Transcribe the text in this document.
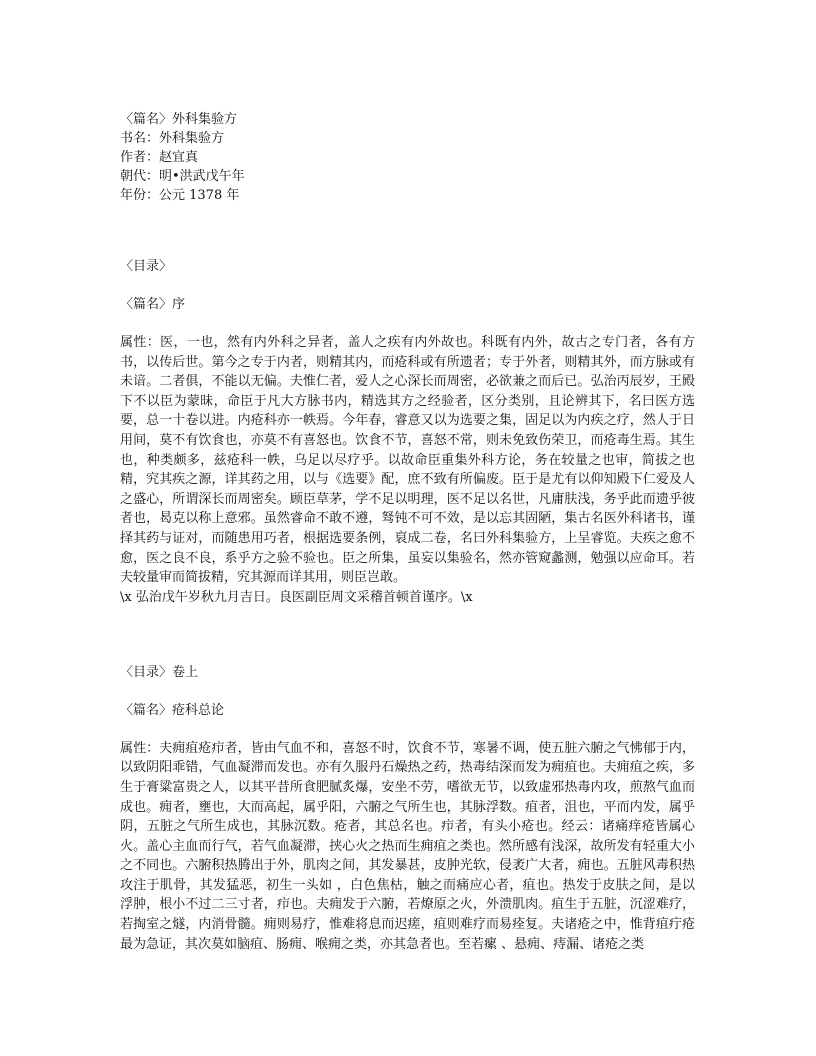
〈篇名〉外科集验方

书名：外科集验方

作者：赵宜真

朝代：明•洪武戊午年

年份：公元 1378 年

〈目录〉

〈篇名〉序

属性：医，一也，然有内外科之异者，盖人之疾有内外故也。科既有内外，故古之专门者，各有方书，以传后世。第今之专于内者，则精其内，而疮科或有所遗者；专于外者，则精其外，而方脉或有未谙。二者俱，不能以无偏。夫惟仁者，爱人之心深长而周密，必欲兼之而后已。弘治丙辰岁，王殿下不以臣为蒙昧，命臣于凡大方脉书内，精选其方之经验者，区分类别，且论辨其下，名曰医方选要，总一十卷以进。内疮科亦一帙焉。今年春，睿意又以为选要之集，固足以为内疾之疗，然人于日用间，莫不有饮食也，亦莫不有喜怒也。饮食不节，喜怒不常，则未免致伤荣卫，而疮毒生焉。其生也，种类颇多，兹疮科一帙，乌足以尽疗乎。以故命臣重集外科方论，务在较量之也审，简拔之也精，究其疾之源，详其药之用，以与《选要》配，庶不致有所偏废。臣于是尤有以仰知殿下仁爱及人之盛心，所谓深长而周密矣。顾臣草茅，学不足以明理，医不足以名世，凡庸肤浅，务乎此而遗乎彼者也，曷克以称上意邪。虽然睿命不敢不遵，驽钝不可不效，是以忘其固陋，集古名医外科诸书，谨择其药与证对，而随患用巧者，根据选要条例，裒成二卷，名曰外科集验方，上呈睿览。夫疾之愈不愈，医之良不良，系乎方之验不验也。臣之所集，虽妄以集验名，然亦管窥蠡测，勉强以应命耳。若夫较量审而简拔精，究其源而详其用，则臣岂敢。

\x 弘治戊午岁秋九月吉日。良医副臣周文采稽首顿首谨序。\x

〈目录〉卷上

〈篇名〉疮科总论

属性：夫痈疽疮疖者，皆由气血不和，喜怒不时，饮食不节，寒暑不调，使五脏六腑之气怫郁于内，以致阴阳乖错，气血凝滞而发也。亦有久服丹石燥热之药，热毒结深而发为痈疽也。夫痈疽之疾，多生于膏粱富贵之人，以其平昔所食肥腻炙爆，安坐不劳，嗜欲无节，以致虚邪热毒内攻，煎熬气血而成也。痈者，壅也，大而高起，属乎阳，六腑之气所生也，其脉浮数。疽者，沮也，平而内发，属乎阴，五脏之气所生成也，其脉沉数。疮者，其总名也。疖者，有头小疮也。经云：诸痛痒疮皆属心火。盖心主血而行气，若气血凝滞，挟心火之热而生痈疽之类也。然所感有浅深，故所发有轻重大小之不同也。六腑积热腾出于外，肌肉之间，其发暴甚，皮肿光软，侵袤广大者，痈也。五脏风毒积热攻注于肌骨，其发猛恶，初生一头如 ，白色焦枯，触之而痛应心者，疽也。热发于皮肤之间，是以浮肿，根小不过二三寸者，疖也。夫痈发于六腑，若燎原之火，外溃肌肉。疽生于五脏，沉涩难疗，若掏室之燧，内消骨髓。痈则易疗，惟难将息而迟瘥，疽则难疗而易痊复。夫诸疮之中，惟背疽疔疮最为急证，其次莫如脑疽、肠痈、喉痈之类，亦其急者也。至若瘰 、悬痈、痔漏、诸疮之类
